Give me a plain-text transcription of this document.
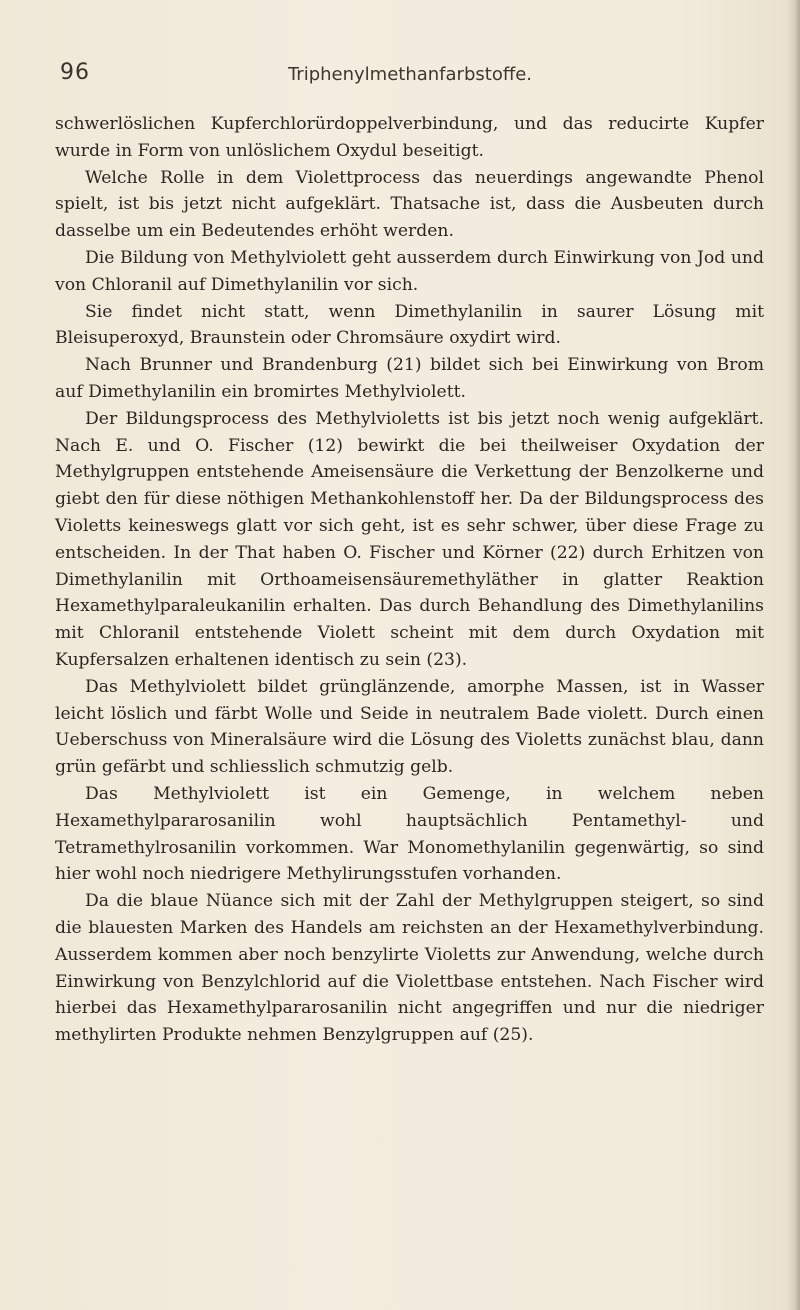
96	Triphenylmethanfarbstoffe.

schwerlöslichen Kupferchlorürdoppelverbindung, und das reducirte Kupfer wurde in Form von unlöslichem Oxydul beseitigt.

Welche Rolle in dem Violettprocess das neuerdings angewandte Phenol spielt, ist bis jetzt nicht aufgeklärt. Thatsache ist, dass die Ausbeuten durch dasselbe um ein Bedeutendes erhöht werden.

Die Bildung von Methylviolett geht ausserdem durch Einwirkung von Jod und von Chloranil auf Dimethylanilin vor sich.

Sie findet nicht statt, wenn Dimethylanilin in saurer Lösung mit Bleisuperoxyd, Braunstein oder Chromsäure oxydirt wird.

Nach Brunner und Brandenburg (21) bildet sich bei Einwirkung von Brom auf Dimethylanilin ein bromirtes Methylviolett.

Der Bildungsprocess des Methylvioletts ist bis jetzt noch wenig aufgeklärt. Nach E. und O. Fischer (12) bewirkt die bei theilweiser Oxydation der Methylgruppen entstehende Ameisensäure die Verkettung der Benzolkerne und giebt den für diese nöthigen Methankohlenstoff her. Da der Bildungsprocess des Violetts keineswegs glatt vor sich geht, ist es sehr schwer, über diese Frage zu entscheiden. In der That haben O. Fischer und Körner (22) durch Erhitzen von Dimethylanilin mit Orthoameisensäuremethyläther in glatter Reaktion Hexamethylparaleukanilin erhalten. Das durch Behandlung des Dimethylanilins mit Chloranil entstehende Violett scheint mit dem durch Oxydation mit Kupfersalzen erhaltenen identisch zu sein (23).

Das Methylviolett bildet grünglänzende, amorphe Massen, ist in Wasser leicht löslich und färbt Wolle und Seide in neutralem Bade violett. Durch einen Ueberschuss von Mineralsäure wird die Lösung des Violetts zunächst blau, dann grün gefärbt und schliesslich schmutzig gelb.

Das Methylviolett ist ein Gemenge, in welchem neben Hexamethylpararosanilin wohl hauptsächlich Pentamethyl- und Tetramethylrosanilin vorkommen. War Monomethylanilin gegenwärtig, so sind hier wohl noch niedrigere Methylirungsstufen vorhanden.

Da die blaue Nüance sich mit der Zahl der Methylgruppen steigert, so sind die blauesten Marken des Handels am reichsten an der Hexamethylverbindung. Ausserdem kommen aber noch benzylirte Violetts zur Anwendung, welche durch Einwirkung von Benzylchlorid auf die Violettbase entstehen. Nach Fischer wird hierbei das Hexamethylpararosanilin nicht angegriffen und nur die niedriger methylirten Produkte nehmen Benzylgruppen auf (25).
